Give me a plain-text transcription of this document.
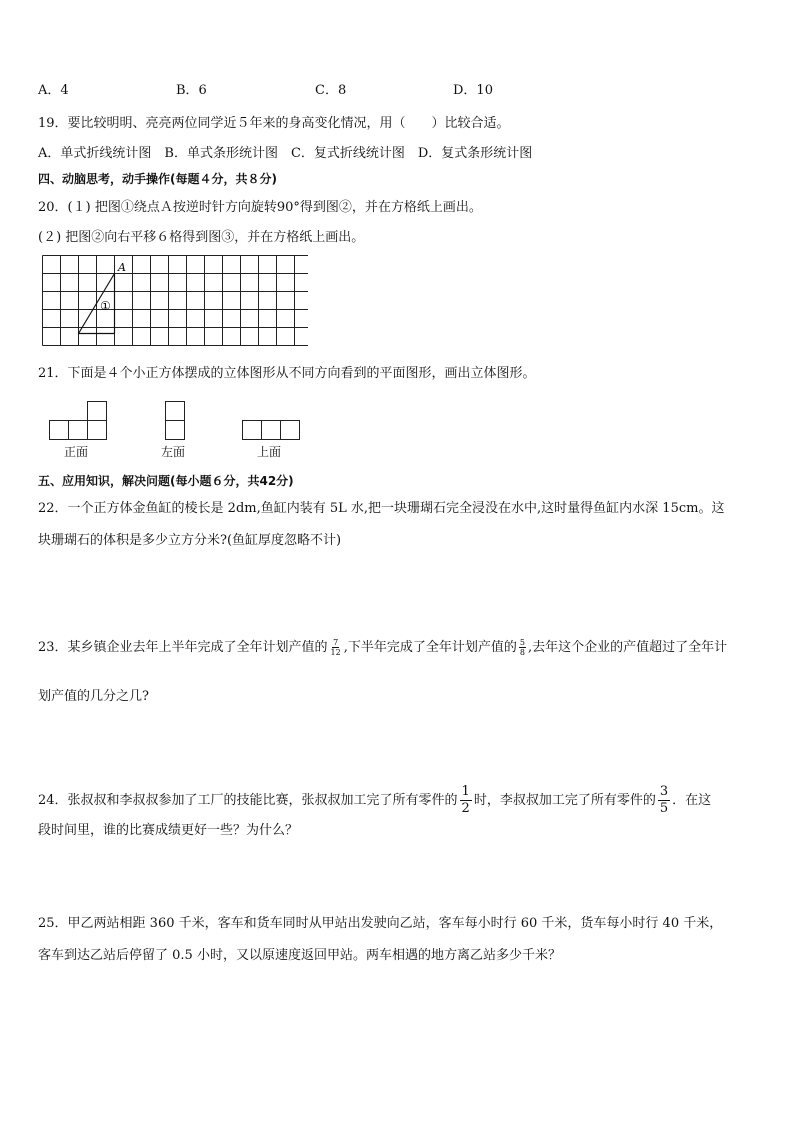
A．4	B．6	C．8	D．10
19．要比较明明、亮亮两位同学近５年来的身高变化情况，用（　　）比较合适。
A．单式折线统计图　B．单式条形统计图　C．复式折线统计图　D．复式条形统计图
四、动脑思考，动手操作(每题４分，共８分)
20．(１) 把图①绕点Ａ按逆时针方向旋转90°得到图②，并在方格纸上画出。
(２) 把图②向右平移６格得到图③，并在方格纸上画出。
A
①
21．下面是４个小正方体摆成的立体图形从不同方向看到的平面图形，画出立体图形。
正面	左面	上面
五、应用知识，解决问题(每小题６分，共42分)
22．一个正方体金鱼缸的棱长是 2dm,鱼缸内装有 5L 水,把一块珊瑚石完全浸没在水中,这时量得鱼缸内水深 15cm。这
块珊瑚石的体积是多少立方分米?(鱼缸厚度忽略不计)
23．某乡镇企业去年上半年完成了全年计划产值的 $\frac{7}{12}$ ,下半年完成了全年计划产值的 $\frac{5}{8}$ ,去年这个企业的产值超过了全年计
划产值的几分之几?
24．张叔叔和李叔叔参加了工厂的技能比赛，张叔叔加工完了所有零件的 $\frac{1}{2}$ 时，李叔叔加工完了所有零件的 $\frac{3}{5}$ ．在这
段时间里，谁的比赛成绩更好一些？为什么？
25．甲乙两站相距 360 千米，客车和货车同时从甲站出发驶向乙站，客车每小时行 60 千米，货车每小时行 40 千米，
客车到达乙站后停留了 0.5 小时，又以原速度返回甲站。两车相遇的地方离乙站多少千米？
